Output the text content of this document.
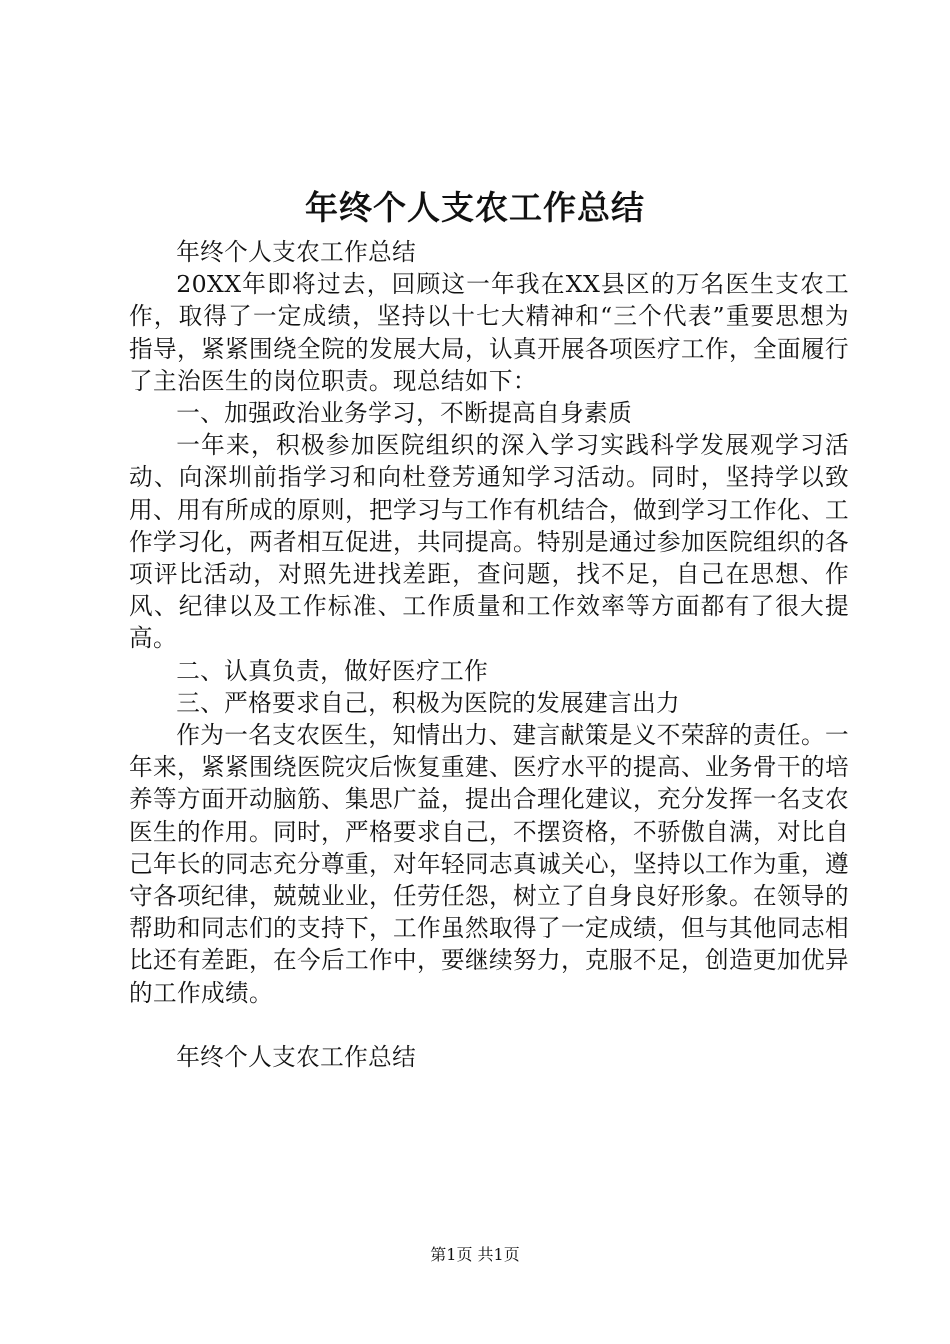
年终个人支农工作总结

年终个人支农工作总结

20XX年即将过去，回顾这一年我在XX县区的万名医生支农工作，取得了一定成绩，坚持以十七大精神和“三个代表”重要思想为指导，紧紧围绕全院的发展大局，认真开展各项医疗工作，全面履行了主治医生的岗位职责。现总结如下：

一、加强政治业务学习，不断提高自身素质

一年来，积极参加医院组织的深入学习实践科学发展观学习活动、向深圳前指学习和向杜登芳通知学习活动。同时，坚持学以致用、用有所成的原则，把学习与工作有机结合，做到学习工作化、工作学习化，两者相互促进，共同提高。特别是通过参加医院组织的各项评比活动，对照先进找差距，查问题，找不足，自己在思想、作风、纪律以及工作标准、工作质量和工作效率等方面都有了很大提高。

二、认真负责，做好医疗工作

三、严格要求自己，积极为医院的发展建言出力

作为一名支农医生，知情出力、建言献策是义不荣辞的责任。一年来，紧紧围绕医院灾后恢复重建、医疗水平的提高、业务骨干的培养等方面开动脑筋、集思广益，提出合理化建议，充分发挥一名支农医生的作用。同时，严格要求自己，不摆资格，不骄傲自满，对比自己年长的同志充分尊重，对年轻同志真诚关心，坚持以工作为重，遵守各项纪律，兢兢业业，任劳任怨，树立了自身良好形象。在领导的帮助和同志们的支持下，工作虽然取得了一定成绩，但与其他同志相比还有差距，在今后工作中，要继续努力，克服不足，创造更加优异的工作成绩。

年终个人支农工作总结

第1页 共1页
